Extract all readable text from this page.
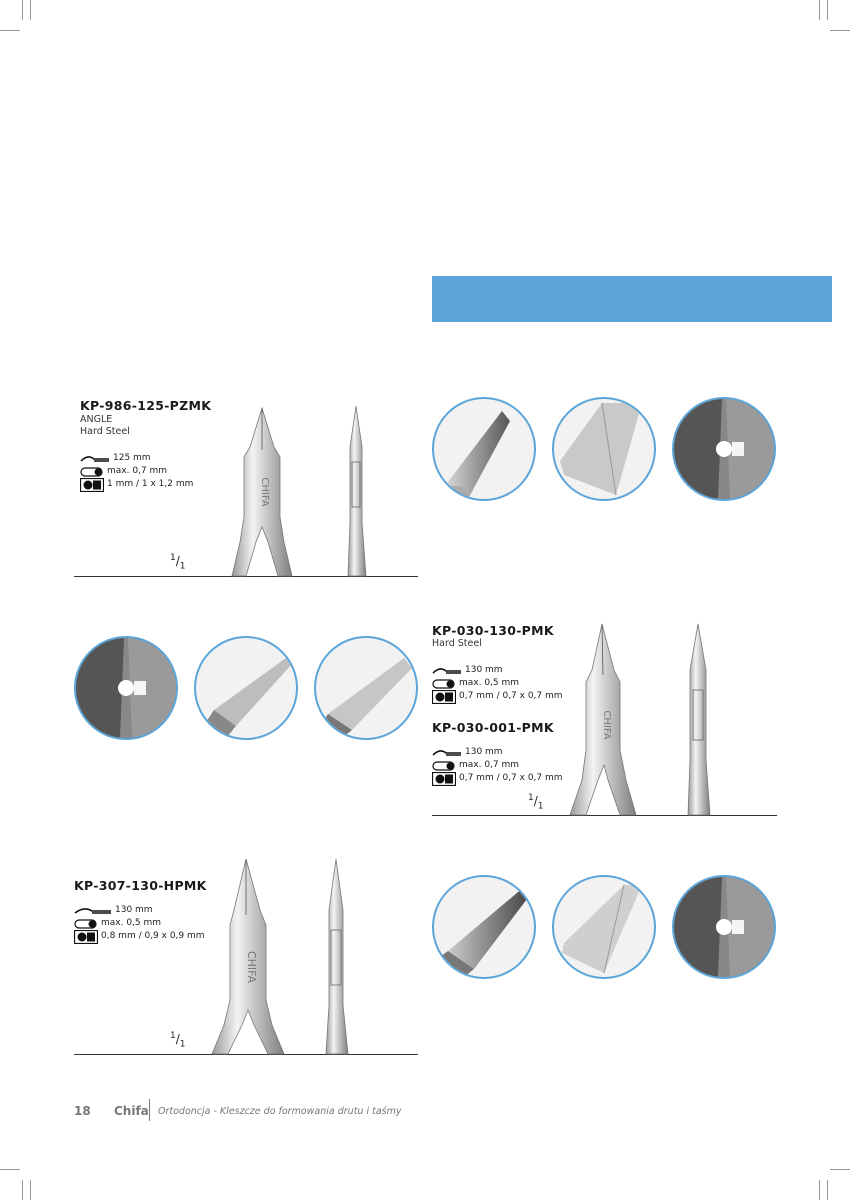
KP-986-125-PZMK
ANGLE
Hard Steel
125 mm
max. 0,7 mm
1 mm / 1 x 1,2 mm
$^1/_1$
CHIFA
KP-030-130-PMK
Hard Steel
130 mm
max. 0,5 mm
0,7 mm / 0,7 x 0,7 mm
KP-030-001-PMK
130 mm
max. 0,7 mm
0,7 mm / 0,7 x 0,7 mm
$^1/_1$
CHIFA
KP-307-130-HPMK
130 mm
max. 0,5 mm
0,8 mm / 0,9 x 0,9 mm
$^1/_1$
CHIFA
18 Chifa Ortodoncja - Kleszcze do formowania drutu i taśmy
